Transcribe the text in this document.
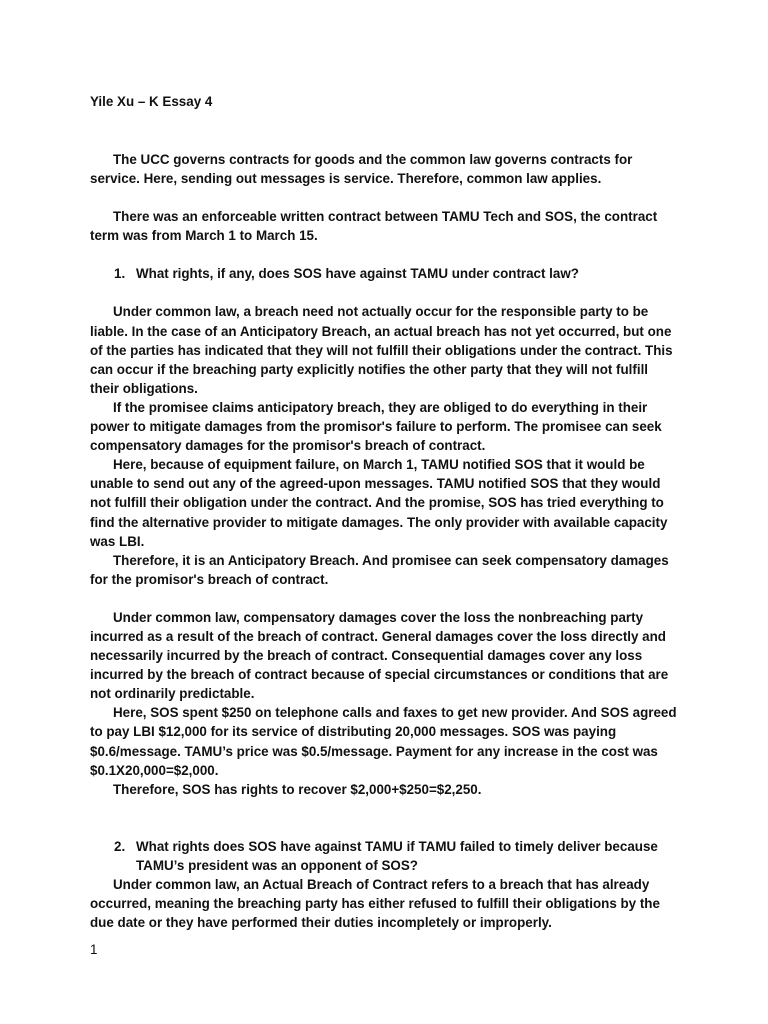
Yile Xu – K Essay 4

The UCC governs contracts for goods and the common law governs contracts for service. Here, sending out messages is service. Therefore, common law applies.

There was an enforceable written contract between TAMU Tech and SOS, the contract term was from March 1 to March 15.

1. What rights, if any, does SOS have against TAMU under contract law?

Under common law, a breach need not actually occur for the responsible party to be liable. In the case of an Anticipatory Breach, an actual breach has not yet occurred, but one of the parties has indicated that they will not fulfill their obligations under the contract. This can occur if the breaching party explicitly notifies the other party that they will not fulfill their obligations.

If the promisee claims anticipatory breach, they are obliged to do everything in their power to mitigate damages from the promisor's failure to perform. The promisee can seek compensatory damages for the promisor's breach of contract.

Here, because of equipment failure, on March 1, TAMU notified SOS that it would be unable to send out any of the agreed-upon messages. TAMU notified SOS that they would not fulfill their obligation under the contract. And the promise, SOS has tried everything to find the alternative provider to mitigate damages. The only provider with available capacity was LBI.

Therefore, it is an Anticipatory Breach. And promisee can seek compensatory damages for the promisor's breach of contract.

Under common law, compensatory damages cover the loss the nonbreaching party incurred as a result of the breach of contract. General damages cover the loss directly and necessarily incurred by the breach of contract. Consequential damages cover any loss incurred by the breach of contract because of special circumstances or conditions that are not ordinarily predictable.

Here, SOS spent $250 on telephone calls and faxes to get new provider. And SOS agreed to pay LBI $12,000 for its service of distributing 20,000 messages. SOS was paying $0.6/message. TAMU’s price was $0.5/message. Payment for any increase in the cost was $0.1X20,000=$2,000.

Therefore, SOS has rights to recover $2,000+$250=$2,250.

2. What rights does SOS have against TAMU if TAMU failed to timely deliver because TAMU’s president was an opponent of SOS?

Under common law, an Actual Breach of Contract refers to a breach that has already occurred, meaning the breaching party has either refused to fulfill their obligations by the due date or they have performed their duties incompletely or improperly.

1
